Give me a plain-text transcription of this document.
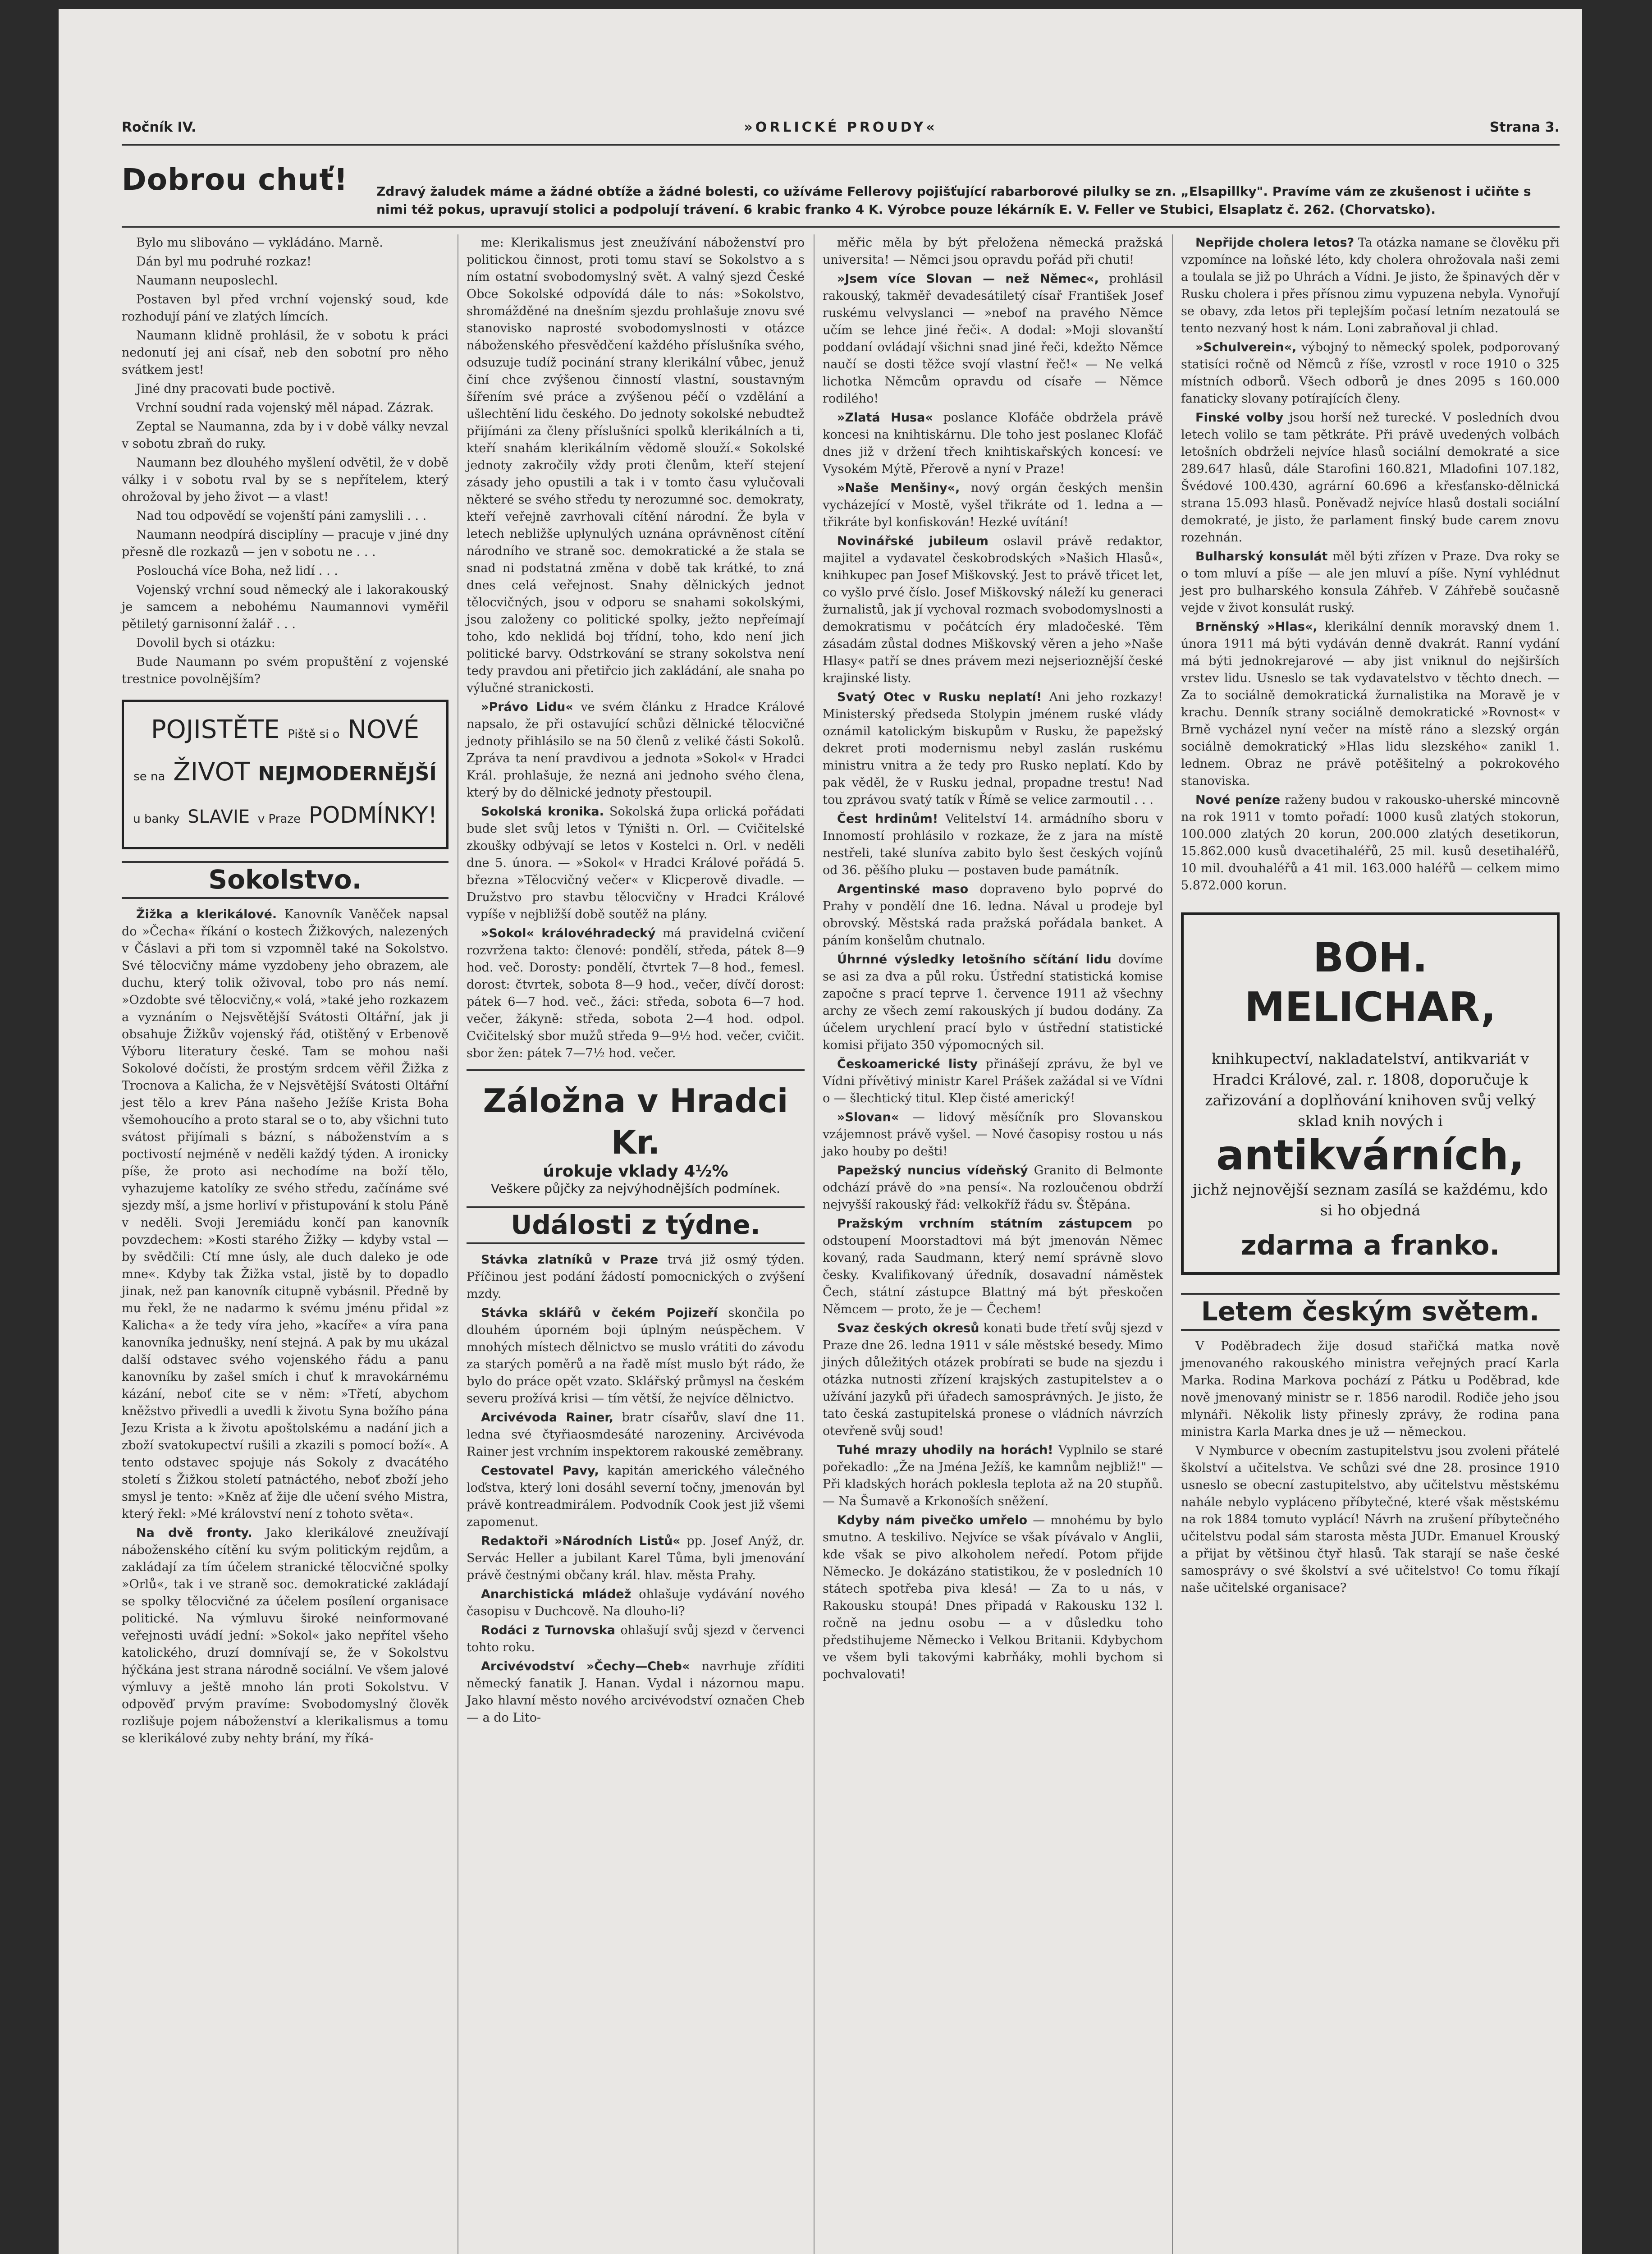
Ročník IV.	»ORLICKÉ PROUDY«	Strana 3.
Dobrou chuť! Zdravý žaludek máme a žádné obtíže a žádné bolesti, co užíváme Fellerovy pojišťující rabarborové pilulky se zn. „Elsapillky". Pravíme vám ze zkušenost i učiňte s nimi též pokus, upravují stolici a podpolují trávení. 6 krabic franko 4 K. Výrobce pouze lékárník E. V. Feller ve Stubici, Elsaplatz č. 262. (Chorvatsko).

Bylo mu slibováno — vykládáno. Marně.

Dán byl mu podruhé rozkaz!

Naumann neuposlechl.

Postaven byl před vrchní vojenský soud, kde rozhodují pání ve zlatých límcích.

Naumann klidně prohlásil, že v sobotu k práci nedonutí jej ani císař, neb den sobotní pro něho svátkem jest!

Jiné dny pracovati bude poctivě.

Vrchní soudní rada vojenský měl nápad. Zázrak.

Zeptal se Naumanna, zda by i v době války nevzal v sobotu zbraň do ruky.

Naumann bez dlouhého myšlení odvětil, že v době války i v sobotu rval by se s nepřítelem, který ohrožoval by jeho život — a vlast!

Nad tou odpovědí se vojenští páni zamyslili . . .

Naumann neodpírá disciplíny — pracuje v jiné dny přesně dle rozkazů — jen v sobotu ne . . .

Poslouchá více Boha, než lidí . . .

Vojenský vrchní soud německý ale i lakorakouský je samcem a nebohému Naumannovi vyměřil pětiletý garnisonní žalář . . .

Dovolil bych si otázku:

Bude Naumann po svém propuštění z vojenské trestnice povolnějším?

POJISTĚTE Piště si o NOVÉ
se na ŽIVOT NEJMODERNĚJŠÍ
u banky SLAVIE v Praze PODMÍNKY!
Sokolstvo.

Žižka a klerikálové. Kanovník Vaněček napsal do »Čecha« říkání o kostech Žižkových, nalezených v Čáslavi a při tom si vzpomněl také na Sokolstvo. Své tělocvičny máme vyzdobeny jeho obrazem, ale duchu, který tolik oživoval, tobo pro nás nemí. »Ozdobte své tělocvičny,« volá, »také jeho rozkazem a vyznáním o Nejsvětější Svátosti Oltářní, jak ji obsahuje Žižkův vojenský řád, otištěný v Erbenově Výboru literatury české. Tam se mohou naši Sokolové dočísti, že prostým srdcem věřil Žižka z Trocnova a Kalicha, že v Nejsvětější Svátosti Oltářní jest tělo a krev Pána našeho Ježíše Krista Boha všemohoucího a proto staral se o to, aby všichni tuto svátost přijímali s bázní, s náboženstvím a s poctivostí nejméně v neděli každý týden. A ironicky píše, že proto asi nechodíme na boží tělo, vyhazujeme katolíky ze svého středu, začínáme své sjezdy mší, a jsme horliví v přistupování k stolu Páně v neděli. Svoji Jeremiádu končí pan kanovník povzdechem: »Kosti starého Žižky — kdyby vstal — by svědčili: Ctí mne úsly, ale duch daleko je ode mne«. Kdyby tak Žižka vstal, jistě by to dopadlo jinak, než pan kanovník citupně vybásnil. Předně by mu řekl, že ne nadarmo k svému jménu přidal »z Kalicha« a že tedy víra jeho, »kacíře« a víra pana kanovníka jednušky, není stejná. A pak by mu ukázal další odstavec svého vojenského řádu a panu kanovníku by zašel smích i chuť k mravokárnému kázání, neboť cite se v něm: »Třetí, abychom kněžstvo přivedli a uvedli k životu Syna božího pána Jezu Krista a k životu apoštolskému a nadání jich a zboží svatokupectví rušili a zkazili s pomocí boží«. A tento odstavec spojuje nás Sokoly z dvacátého století s Žižkou století patnáctého, neboť zboží jeho smysl je tento: »Kněz ať žije dle učení svého Mistra, který řekl: »Mé království není z tohoto světa«.

Na dvě fronty. Jako klerikálové zneužívají náboženského cítění ku svým politickým rejdům, a zakládají za tím účelem stranické tělocvičné spolky »Orlů«, tak i ve straně soc. demokratické zakládají se spolky tělocvičné za účelem posílení organisace politické. Na výmluvu široké neinformované veřejnosti uvádí jední: »Sokol« jako nepřítel všeho katolického, druzí domnívají se, že v Sokolstvu hýčkána jest strana národně sociální. Ve všem jalové výmluvy a ještě mnoho lán proti Sokolstvu. V odpověď prvým pravíme: Svobodomyslný člověk rozlišuje pojem náboženství a klerikalismus a tomu se klerikálové zuby nehty brání, my říká-

me: Klerikalismus jest zneužívání náboženství pro politickou činnost, proti tomu staví se Sokolstvo a s ním ostatní svobodomyslný svět. A valný sjezd České Obce Sokolské odpovídá dále to nás: »Sokolstvo, shromážděné na dnešním sjezdu prohlašuje znovu své stanovisko naprosté svobodomyslnosti v otázce náboženského přesvědčení každého příslušníka svého, odsuzuje tudíž pocinání strany klerikální vůbec, jenuž činí chce zvýšenou činností vlastní, soustavným šířením své práce a zvýšenou péčí o vzdělání a ušlechtění lidu českého. Do jednoty sokolské nebudtež přijímáni za členy příslušníci spolků klerikálních a ti, kteří snahám klerikálním vědomě slouží.« Sokolské jednoty zakročily vždy proti členům, kteří stejení zásady jeho opustili a tak i v tomto času vylučovali některé se svého středu ty nerozumné soc. demokraty, kteří veřejně zavrhovali cítění národní. Že byla v letech nebližše uplynulých uznána oprávněnost cítění národního ve straně soc. demokratické a že stala se snad ni podstatná změna v době tak krátké, to zná dnes celá veřejnost. Snahy dělnických jednot tělocvičných, jsou v odporu se snahami sokolskými, jsou založeny co politické spolky, ježto nepřeímají toho, kdo neklidá boj třídní, toho, kdo není jich politické barvy. Odstrkování se strany sokolstva není tedy pravdou ani přetiřcio jich zakládání, ale snaha po výlučné stranickosti.

»Právo Lidu« ve svém článku z Hradce Králové napsalo, že při ostavující schůzi dělnické tělocvičné jednoty přihlásilo se na 50 členů z veliké části Sokolů. Zpráva ta není pravdivou a jednota »Sokol« v Hradci Král. prohlašuje, že nezná ani jednoho svého člena, který by do dělnické jednoty přestoupil.

Sokolská kronika. Sokolská župa orlická pořádati bude slet svůj letos v Týništi n. Orl. — Cvičitelské zkoušky odbývají se letos v Kostelci n. Orl. v neděli dne 5. února. — »Sokol« v Hradci Králové pořádá 5. března »Tělocvičný večer« v Klicperově divadle. — Družstvo pro stavbu tělocvičny v Hradci Králové vypíše v nejbližší době soutěž na plány.

»Sokol« královéhradecký má pravidelná cvičení rozvržena takto: členové: pondělí, středa, pátek 8—9 hod. več. Dorosty: pondělí, čtvrtek 7—8 hod., femesl. dorost: čtvrtek, sobota 8—9 hod., večer, dívčí dorost: pátek 6—7 hod. več., žáci: středa, sobota 6—7 hod. večer, žákyně: středa, sobota 2—4 hod. odpol. Cvičitelský sbor mužů středa 9—9½ hod. večer, cvičit. sbor žen: pátek 7—7½ hod. večer.

Záložna v Hradci Kr.
úrokuje vklady 4½%
Veškere půjčky za nejvýhodnějších podmínek.
Události z týdne.

Stávka zlatníků v Praze trvá již osmý týden. Příčinou jest podání žádostí pomocnických o zvýšení mzdy.

Stávka sklářů v čekém Pojizeří skončila po dlouhém úporném boji úplným neúspěchem. V mnohých místech dělnictvo se muslo vrátiti do závodu za starých poměrů a na řadě míst muslo být rádo, že bylo do práce opět vzato. Sklářský průmysl na českém severu prožívá krisi — tím větší, že nejvíce dělnictvo.

Arcivévoda Rainer, bratr císařův, slaví dne 11. ledna své čtyřiaosmdesáté narozeniny. Arcivévoda Rainer jest vrchním inspektorem rakouské zeměbrany.

Cestovatel Pavy, kapitán amerického válečného loďstva, který loni dosáhl severní točny, jmenován byl právě kontreadmirálem. Podvodník Cook jest již všemi zapomenut.

Redaktoři »Národních Listů« pp. Josef Anýž, dr. Servác Heller a jubilant Karel Tůma, byli jmenování právě čestnými občany král. hlav. města Prahy.

Anarchistická mládež ohlašuje vydávání nového časopisu v Duchcově. Na dlouho-li?

Rodáci z Turnovska ohlašují svůj sjezd v červenci tohto roku.

Arcivévodství »Čechy—Cheb« navrhuje zříditi německý fanatik J. Hanan. Vydal i názornou mapu. Jako hlavní město nového arcivévodství označen Cheb — a do Lito-

měřic měla by být přeložena německá pražská universita! — Němci jsou opravdu pořád při chuti!

»Jsem více Slovan — než Němec«, prohlásil rakouský, takměř devadesátiletý císař František Josef ruskému velvyslanci — »nebof na pravého Němce učím se lehce jiné řeči«. A dodal: »Moji slovanští poddaní ovládají všichni snad jiné řeči, kdežto Němce naučí se dosti těžce svojí vlastní řeč!« — Ne velká lichotka Němcům opravdu od císaře — Němce rodilého!

»Zlatá Husa« poslance Klofáče obdržela právě koncesi na knihtiskárnu. Dle toho jest poslanec Klofáč dnes již v držení třech knihtiskařských koncesí: ve Vysokém Mýtě, Přerově a nyní v Praze!

»Naše Menšiny«, nový orgán českých menšin vycházející v Mostě, vyšel třikráte od 1. ledna a — třikráte byl konfiskován! Hezké uvítání!

Novinářské jubileum oslavil právě redaktor, majitel a vydavatel českobrodských »Našich Hlasů«, knihkupec pan Josef Miškovský. Jest to právě třicet let, co vyšlo prvé číslo. Josef Miškovský náleží ku generaci žurnalistů, jak jí vychoval rozmach svobodomyslnosti a demokratismu v počátcích éry mladočeské. Těm zásadám zůstal dodnes Miškovský věren a jeho »Naše Hlasy« patří se dnes právem mezi nejserioznější české krajinské listy.

Svatý Otec v Rusku neplatí! Ani jeho rozkazy! Ministerský předseda Stolypin jménem ruské vlády oznámil katolickým biskupům v Rusku, že papežský dekret proti modernismu nebyl zaslán ruskému ministru vnitra a že tedy pro Rusko neplatí. Kdo by pak věděl, že v Rusku jednal, propadne trestu! Nad tou zprávou svatý tatík v Římě se velice zarmoutil . . .

Čest hrdinům! Velitelství 14. armádního sboru v Innomostí prohlásilo v rozkaze, že z jara na místě nestřeli, také sluníva zabito bylo šest českých vojínů od 36. pěšího pluku — postaven bude památník.

Argentinské maso dopraveno bylo poprvé do Prahy v pondělí dne 16. ledna. Nával u prodeje byl obrovský. Městská rada pražská pořádala banket. A páním konšelům chutnalo.

Úhrnné výsledky letošního sčítání lidu dovíme se asi za dva a půl roku. Ústřední statistická komise započne s prací teprve 1. července 1911 až všechny archy ze všech zemí rakouských jí budou dodány. Za účelem urychlení prací bylo v ústřední statistické komisi přijato 350 výpomocných sil.

Českoamerické listy přinášejí zprávu, že byl ve Vídni přívětivý ministr Karel Prášek zažádal si ve Vídni o — šlechtický titul. Klep čisté americký!

»Slovan« — lidový měsíčník pro Slovanskou vzájemnost právě vyšel. — Nové časopisy rostou u nás jako houby po dešti!

Papežský nuncius vídeňský Granito di Belmonte odchází právě do »na pensí«. Na rozloučenou obdrží nejvyšší rakouský řád: velkokříž řádu sv. Štěpána.

Pražským vrchním státním zástupcem po odstoupení Moorstadtovi má být jmenován Němec kovaný, rada Saudmann, který nemí správně slovo česky. Kvalifikovaný úředník, dosavadní náměstek Čech, státní zástupce Blattný má být přeskočen Němcem — proto, že je — Čechem!

Svaz českých okresů konati bude třetí svůj sjezd v Praze dne 26. ledna 1911 v sále městské besedy. Mimo jiných důležitých otázek probírati se bude na sjezdu i otázka nutnosti zřízení krajských zastupitelstev a o užívání jazyků při úřadech samosprávných. Je jisto, že tato česká zastupitelská pronese o vládních návrzích otevřeně svůj soud!

Tuhé mrazy uhodily na horách! Vyplnilo se staré pořekadlo: „Že na Jména Ježíš, ke kamnům nejbliž!" — Při kladských horách poklesla teplota až na 20 stupňů. — Na Šumavě a Krkonoších sněžení.

Kdyby nám pivečko umřelo — mnohému by bylo smutno. A teskilivo. Nejvíce se však pívávalo v Anglii, kde však se pivo alkoholem neředí. Potom přijde Německo. Je dokázáno statistikou, že v posledních 10 státech spotřeba piva klesá! — Za to u nás, v Rakousku stoupá! Dnes připadá v Rakousku 132 l. ročně na jednu osobu — a v důsledku toho předstihujeme Německo i Velkou Britanii. Kdybychom ve všem byli takovými kabrňáky, mohli bychom si pochvalovati!

Nepřijde cholera letos? Ta otázka namane se člověku při vzpomínce na loňské léto, kdy cholera ohrožovala naši zemi a toulala se již po Uhrách a Vídni. Je jisto, že špinavých děr v Rusku cholera i přes přísnou zimu vypuzena nebyla. Vynořují se obavy, zda letos při teplejším počasí letním nezatoulá se tento nezvaný host k nám. Loni zabraňoval ji chlad.

»Schulverein«, výbojný to německý spolek, podporovaný statisíci ročně od Němců z říše, vzrostl v roce 1910 o 325 místních odborů. Všech odborů je dnes 2095 s 160.000 fanaticky slovany potírajících členy.

Finské volby jsou horší než turecké. V posledních dvou letech volilo se tam pětkráte. Při právě uvedených volbách letošních obdrželi nejvíce hlasů sociální demokraté a sice 289.647 hlasů, dále Starofini 160.821, Mladofini 107.182, Švédové 100.430, agrární 60.696 a křesťansko-dělnická strana 15.093 hlasů. Poněvadž nejvíce hlasů dostali sociální demokraté, je jisto, že parlament finský bude carem znovu rozehnán.

Bulharský konsulát měl býti zřízen v Praze. Dva roky se o tom mluví a píše — ale jen mluví a píše. Nyní vyhlédnut jest pro bulharského konsula Záhřeb. V Záhřebě současně vejde v život konsulát ruský.

Brněnský »Hlas«, klerikální denník moravský dnem 1. února 1911 má býti vydáván denně dvakrát. Ranní vydání má býti jednokrejarové — aby jist vniknul do nejširších vrstev lidu. Usneslo se tak vydavatelstvo v těchto dnech. — Za to sociálně demokratická žurnalistika na Moravě je v krachu. Denník strany sociálně demokratické »Rovnost« v Brně vycházel nyní večer na místě ráno a slezský orgán sociálně demokratický »Hlas lidu slezského« zanikl 1. lednem. Obraz ne právě potěšitelný a pokrokového stanoviska.

Nové peníze raženy budou v rakousko-uherské mincovně na rok 1911 v tomto pořadí: 1000 kusů zlatých stokorun, 100.000 zlatých 20 korun, 200.000 zlatých desetikorun, 15.862.000 kusů dvacetihaléřů, 25 mil. kusů desetihaléřů, 10 mil. dvouhaléřů a 41 mil. 163.000 haléřů — celkem mimo 5.872.000 korun.

BOH. MELICHAR,
knihkupectví, nakladatelství, antikvariát v Hradci Králové, zal. r. 1808, doporučuje k zařizování a doplňování knihoven svůj velký sklad knih nových i
antikvárních,
jichž nejnovější seznam zasílá se každému, kdo si ho objedná
zdarma a franko.
Letem českým světem.

V Poděbradech žije dosud stařičká matka nově jmenovaného rakouského ministra veřejných prací Karla Marka. Rodina Markova pochází z Pátku u Poděbrad, kde nově jmenovaný ministr se r. 1856 narodil. Rodiče jeho jsou mlynáři. Několik listy přinesly zprávy, že rodina pana ministra Karla Marka dnes je už — německou.

V Nymburce v obecním zastupitelstvu jsou zvoleni přátelé školství a učitelstva. Ve schůzi své dne 28. prosince 1910 usneslo se obecní zastupitelstvo, aby učitelstvu městskému nahále nebylo vypláceno příbytečné, které však městskému na rok 1884 tomuto vyplácí! Návrh na zrušení příbytečného učitelstvu podal sám starosta města JUDr. Emanuel Krouský a přijat by většinou čtyř hlasů. Tak starají se naše české samosprávy o své školství a své učitelstvo! Co tomu říkají naše učitelské organisace?
